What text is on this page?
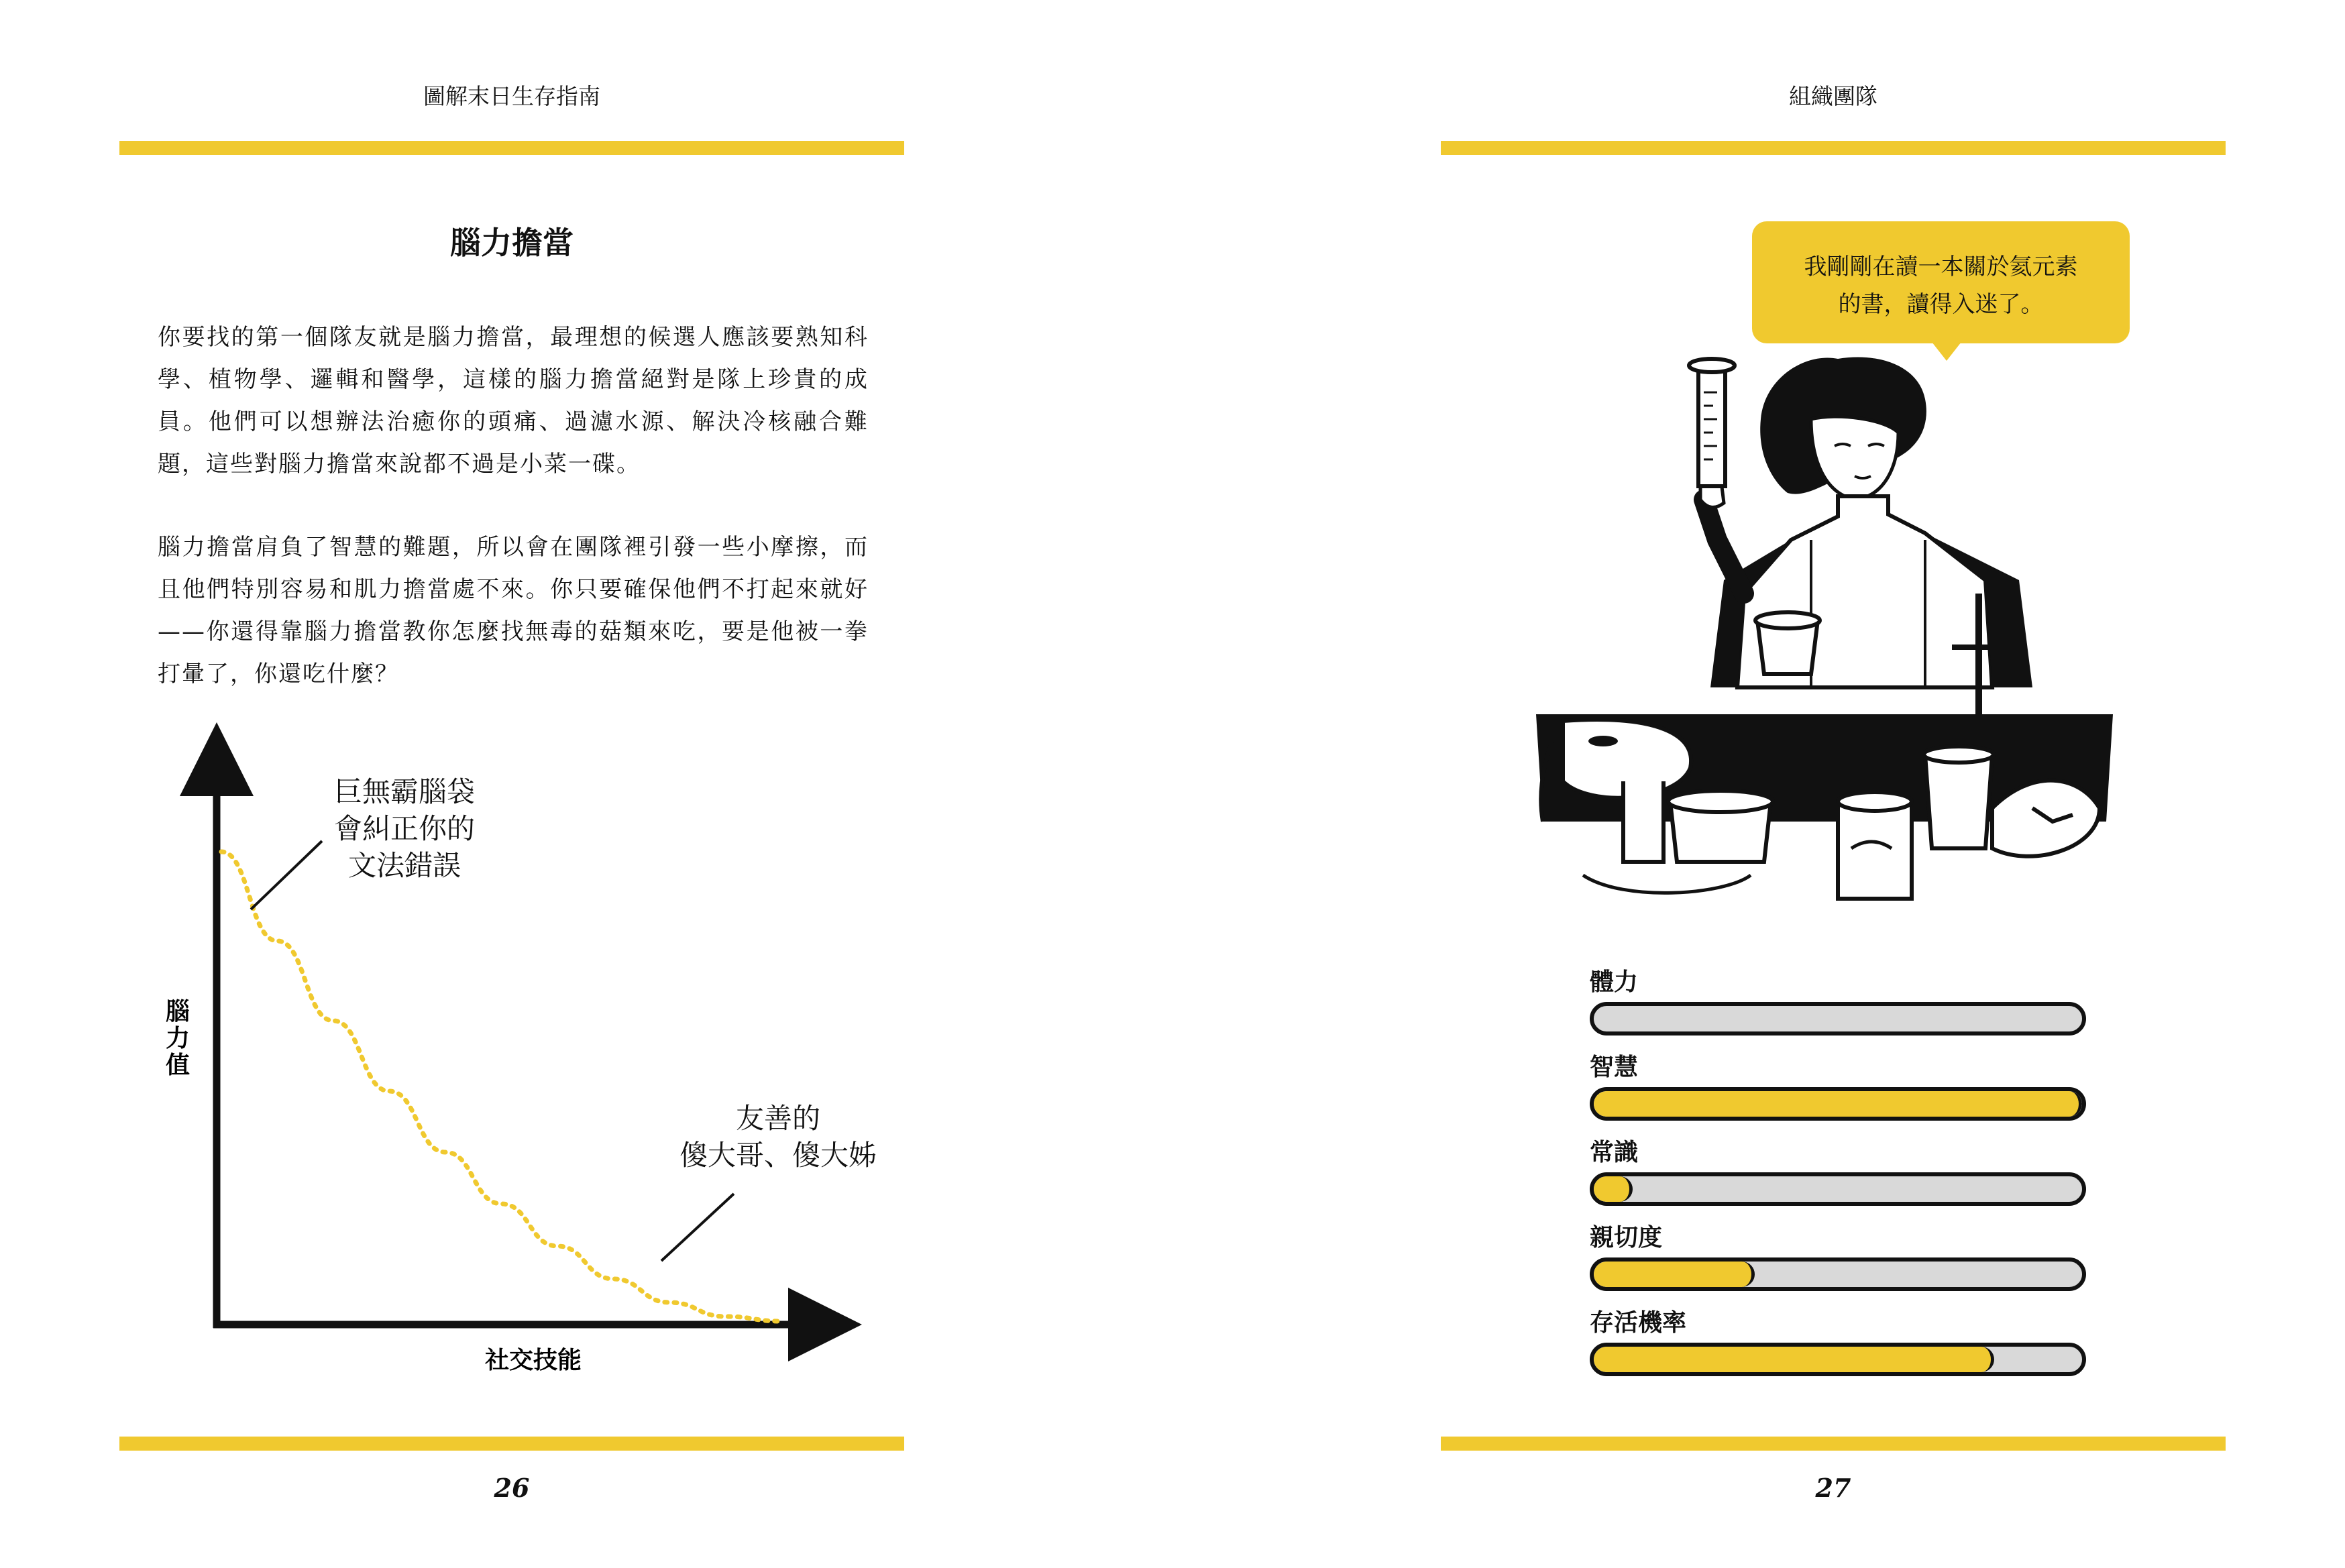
圖解末日生存指南
腦力擔當
你要找的第一個隊友就是腦力擔當，最理想的候選人應該要熟知科學、植物學、邏輯和醫學，這樣的腦力擔當絕對是隊上珍貴的成員。他們可以想辦法治癒你的頭痛、過濾水源、解決冷核融合難題，這些對腦力擔當來說都不過是小菜一碟。
腦力擔當肩負了智慧的難題，所以會在團隊裡引發一些小摩擦，而且他們特別容易和肌力擔當處不來。你只要確保他們不打起來就好——你還得靠腦力擔當教你怎麼找無毒的菇類來吃，要是他被一拳打暈了，你還吃什麼？
巨無霸腦袋
會糾正你的
文法錯誤
友善的
傻大哥、傻大姊
社交技能
腦力值
26
組織團隊
我剛剛在讀一本關於氦元素
的書，讀得入迷了。
體力
智慧
常識
親切度
存活機率
27
